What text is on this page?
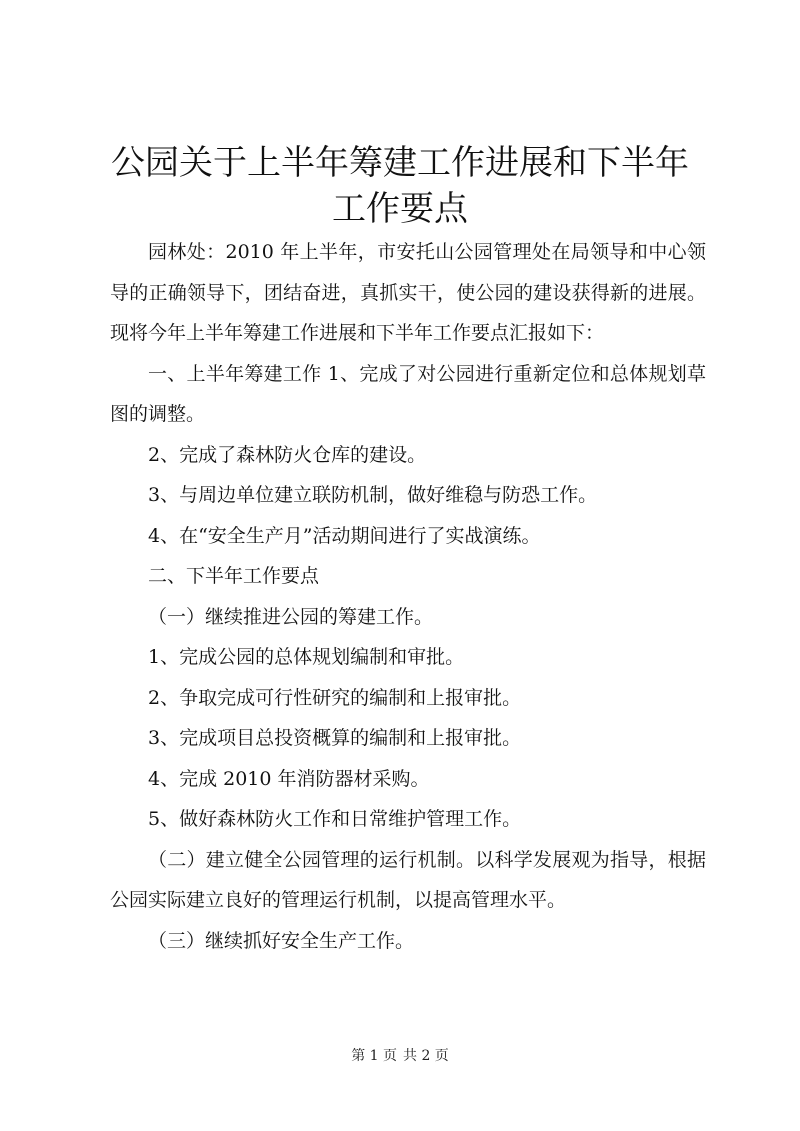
公园关于上半年筹建工作进展和下半年工作要点

园林处：2010 年上半年，市安托山公园管理处在局领导和中心领导的正确领导下，团结奋进，真抓实干，使公园的建设获得新的进展。现将今年上半年筹建工作进展和下半年工作要点汇报如下：

一、上半年筹建工作 1、完成了对公园进行重新定位和总体规划草图的调整。

2、完成了森林防火仓库的建设。

3、与周边单位建立联防机制，做好维稳与防恐工作。

4、在“安全生产月”活动期间进行了实战演练。

二、下半年工作要点

（一）继续推进公园的筹建工作。

1、完成公园的总体规划编制和审批。

2、争取完成可行性研究的编制和上报审批。

3、完成项目总投资概算的编制和上报审批。

4、完成 2010 年消防器材采购。

5、做好森林防火工作和日常维护管理工作。

（二）建立健全公园管理的运行机制。以科学发展观为指导，根据公园实际建立良好的管理运行机制，以提高管理水平。

（三）继续抓好安全生产工作。

第 1 页 共 2 页
